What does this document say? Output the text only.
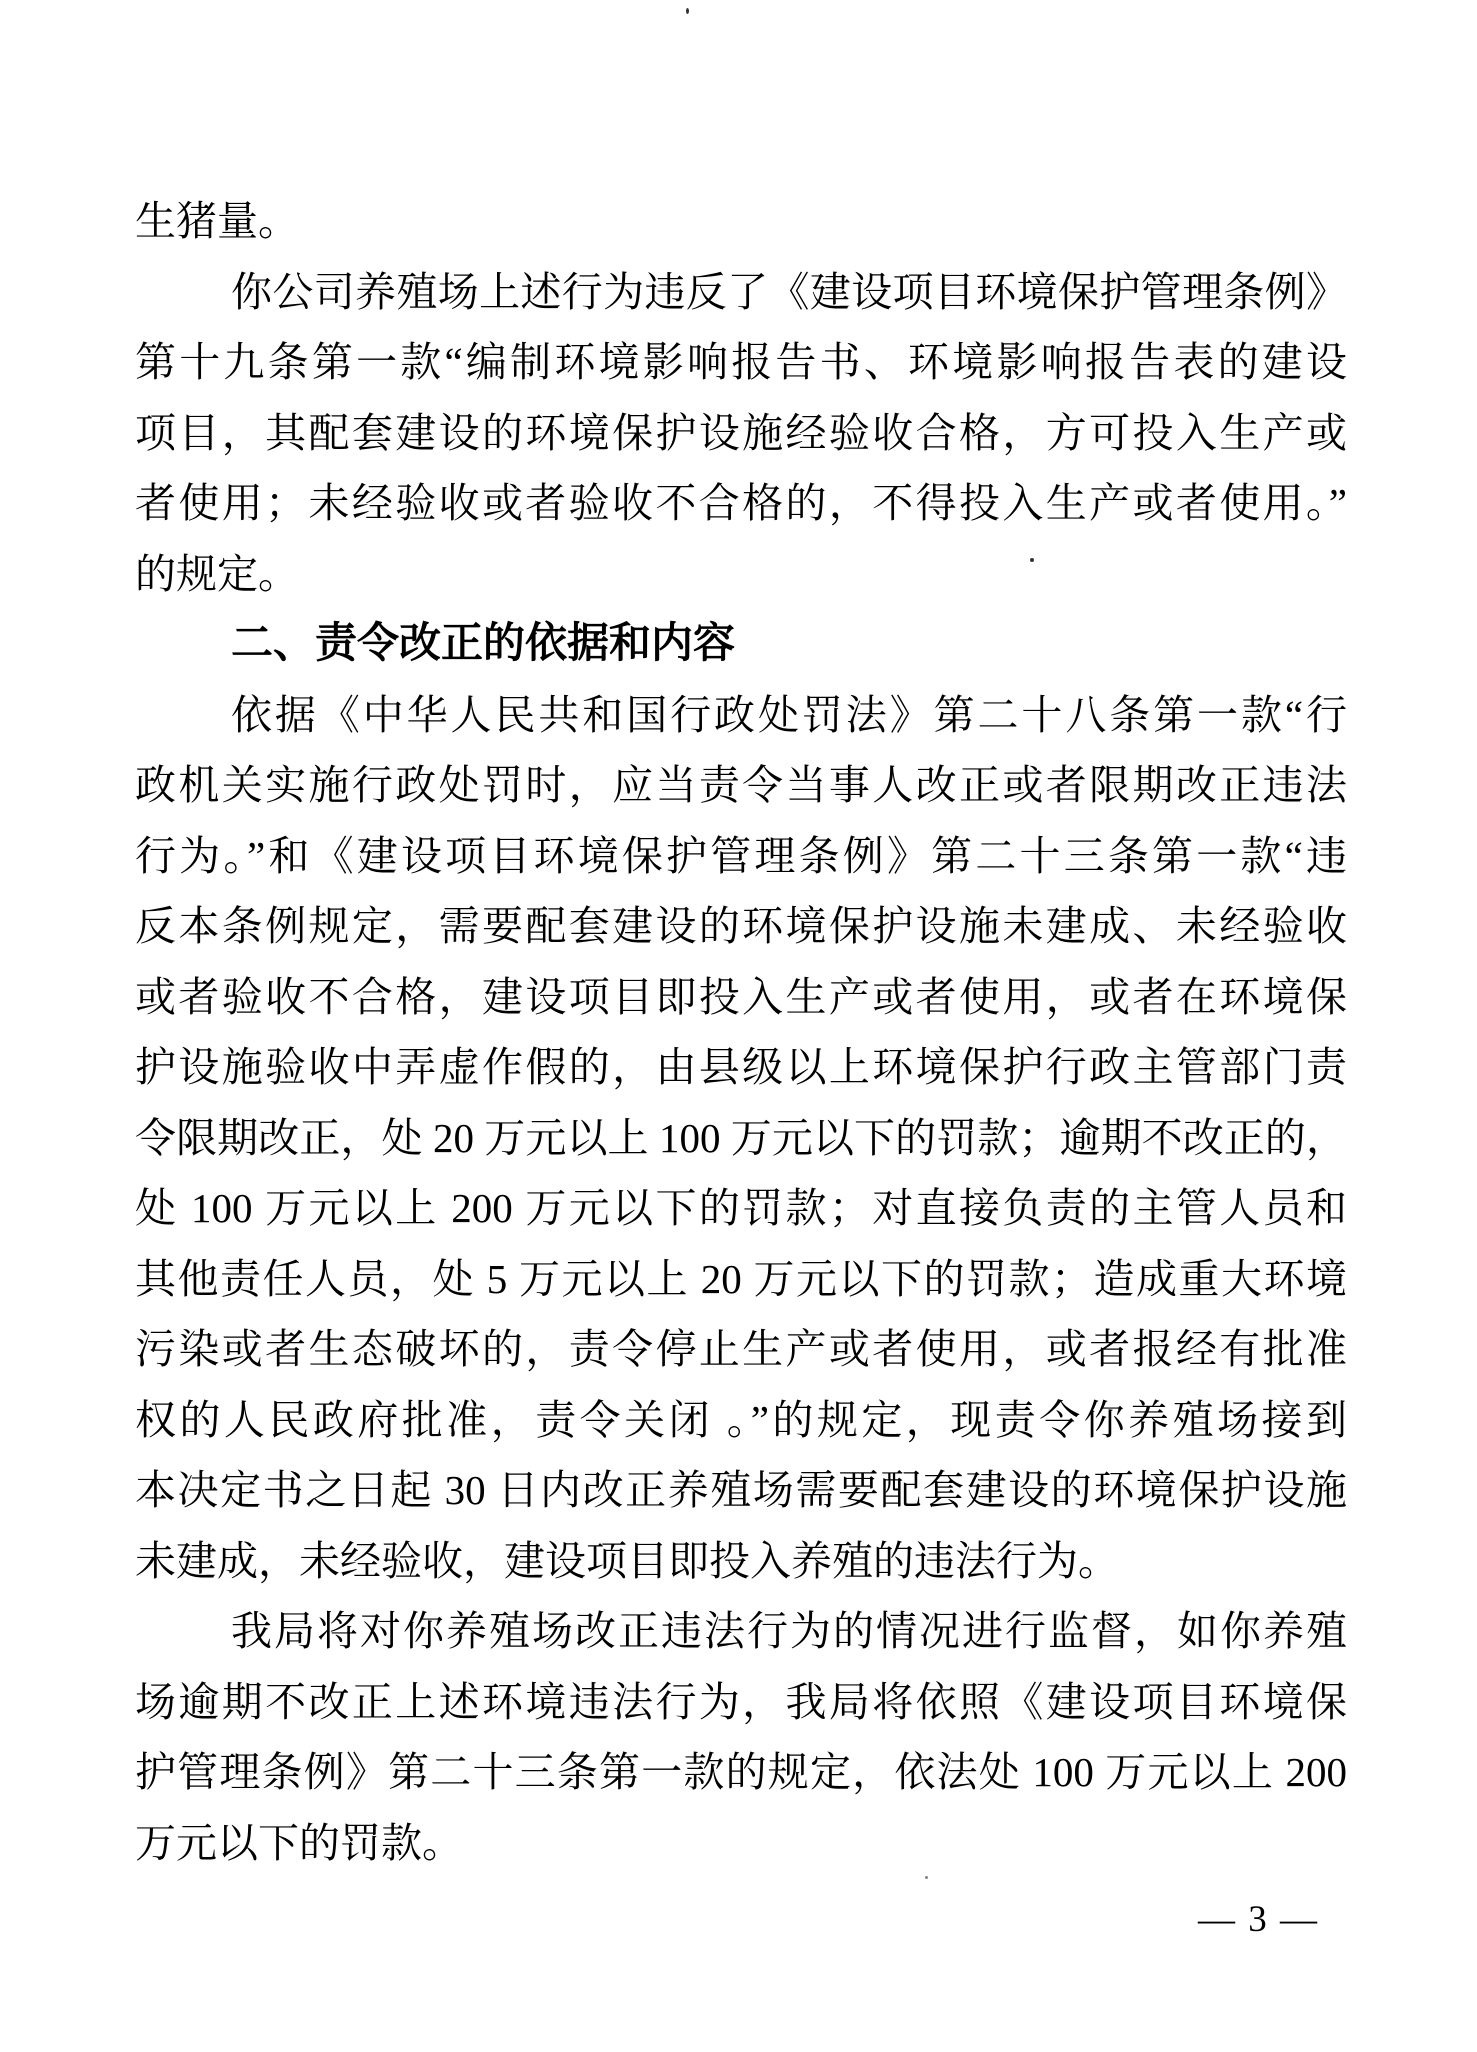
生猪量。
你公司养殖场上述行为违反了《建设项目环境保护管理条例》
第十九条第一款“编制环境影响报告书、环境影响报告表的建设
项目，其配套建设的环境保护设施经验收合格，方可投入生产或
者使用；未经验收或者验收不合格的，不得投入生产或者使用。”
的规定。
二、责令改正的依据和内容
依据《中华人民共和国行政处罚法》第二十八条第一款“行
政机关实施行政处罚时，应当责令当事人改正或者限期改正违法
行为。”和《建设项目环境保护管理条例》第二十三条第一款“违
反本条例规定，需要配套建设的环境保护设施未建成、未经验收
或者验收不合格，建设项目即投入生产或者使用，或者在环境保
护设施验收中弄虚作假的，由县级以上环境保护行政主管部门责
令限期改正，处 20 万元以上 100 万元以下的罚款；逾期不改正的，
处 100 万元以上 200 万元以下的罚款；对直接负责的主管人员和
其他责任人员，处 5 万元以上 20 万元以下的罚款；造成重大环境
污染或者生态破坏的，责令停止生产或者使用，或者报经有批准
权的人民政府批准，责令关闭 。”的规定，现责令你养殖场接到
本决定书之日起 30 日内改正养殖场需要配套建设的环境保护设施
未建成，未经验收，建设项目即投入养殖的违法行为。
我局将对你养殖场改正违法行为的情况进行监督，如你养殖
场逾期不改正上述环境违法行为，我局将依照《建设项目环境保
护管理条例》第二十三条第一款的规定，依法处 100 万元以上 200
万元以下的罚款。
— 3 —
